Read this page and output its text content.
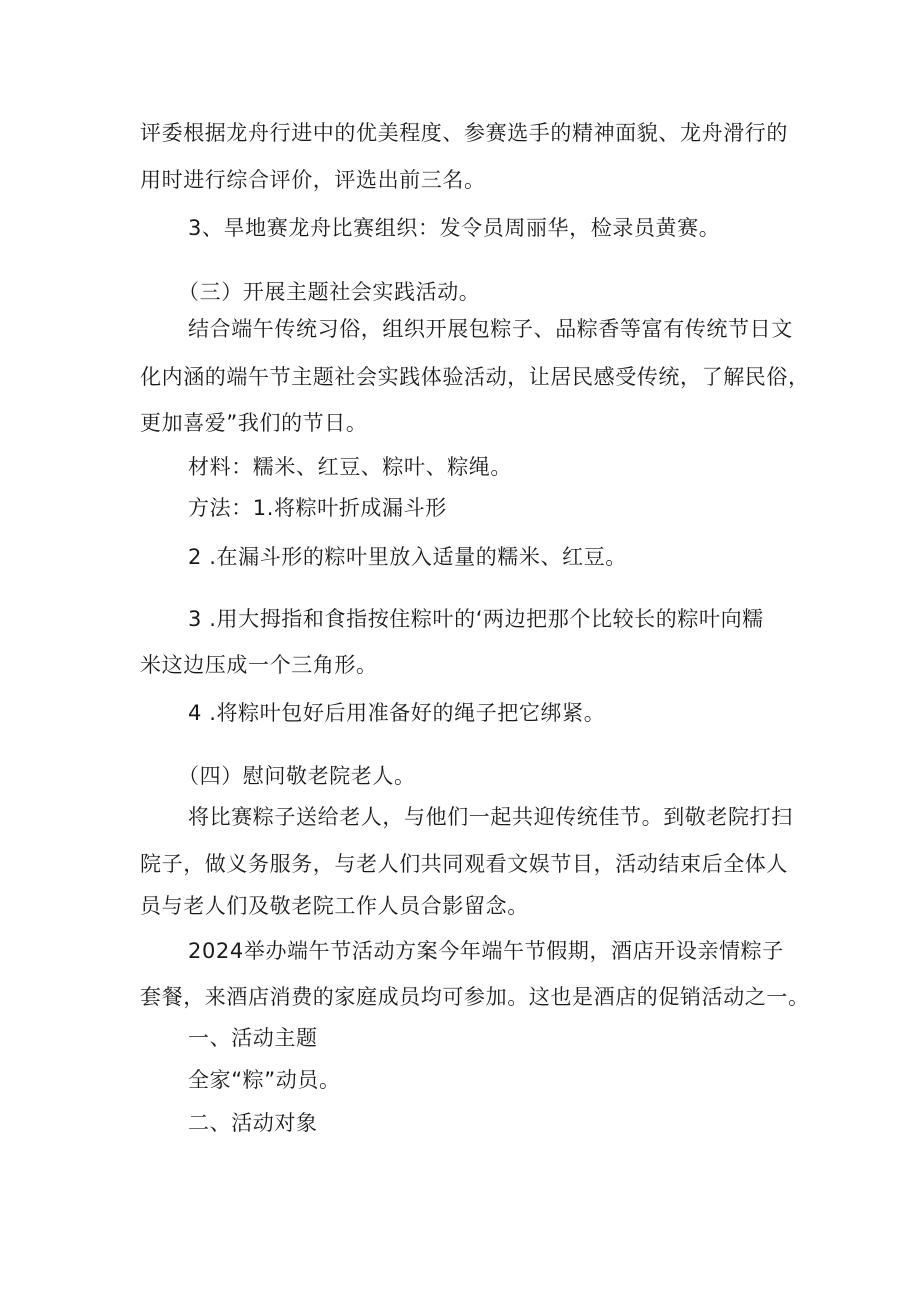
评委根据龙舟行进中的优美程度、参赛选手的精神面貌、龙舟滑行的
用时进行综合评价，评选出前三名。
3、旱地赛龙舟比赛组织：发令员周丽华，检录员黄赛。
（三）开展主题社会实践活动。
结合端午传统习俗，组织开展包粽子、品粽香等富有传统节日文
化内涵的端午节主题社会实践体验活动，让居民感受传统，了解民俗，
更加喜爱”我们的节日。
材料：糯米、红豆、粽叶、粽绳。
方法：1.将粽叶折成漏斗形
2 .在漏斗形的粽叶里放入适量的糯米、红豆。
3 .用大拇指和食指按住粽叶的‘两边把那个比较长的粽叶向糯
米这边压成一个三角形。
4 .将粽叶包好后用准备好的绳子把它绑紧。
（四）慰问敬老院老人。
将比赛粽子送给老人，与他们一起共迎传统佳节。到敬老院打扫
院子，做义务服务，与老人们共同观看文娱节目，活动结束后全体人
员与老人们及敬老院工作人员合影留念。
2024举办端午节活动方案今年端午节假期，酒店开设亲情粽子
套餐，来酒店消费的家庭成员均可参加。这也是酒店的促销活动之一。
一、活动主题
全家“粽”动员。
二、活动对象
